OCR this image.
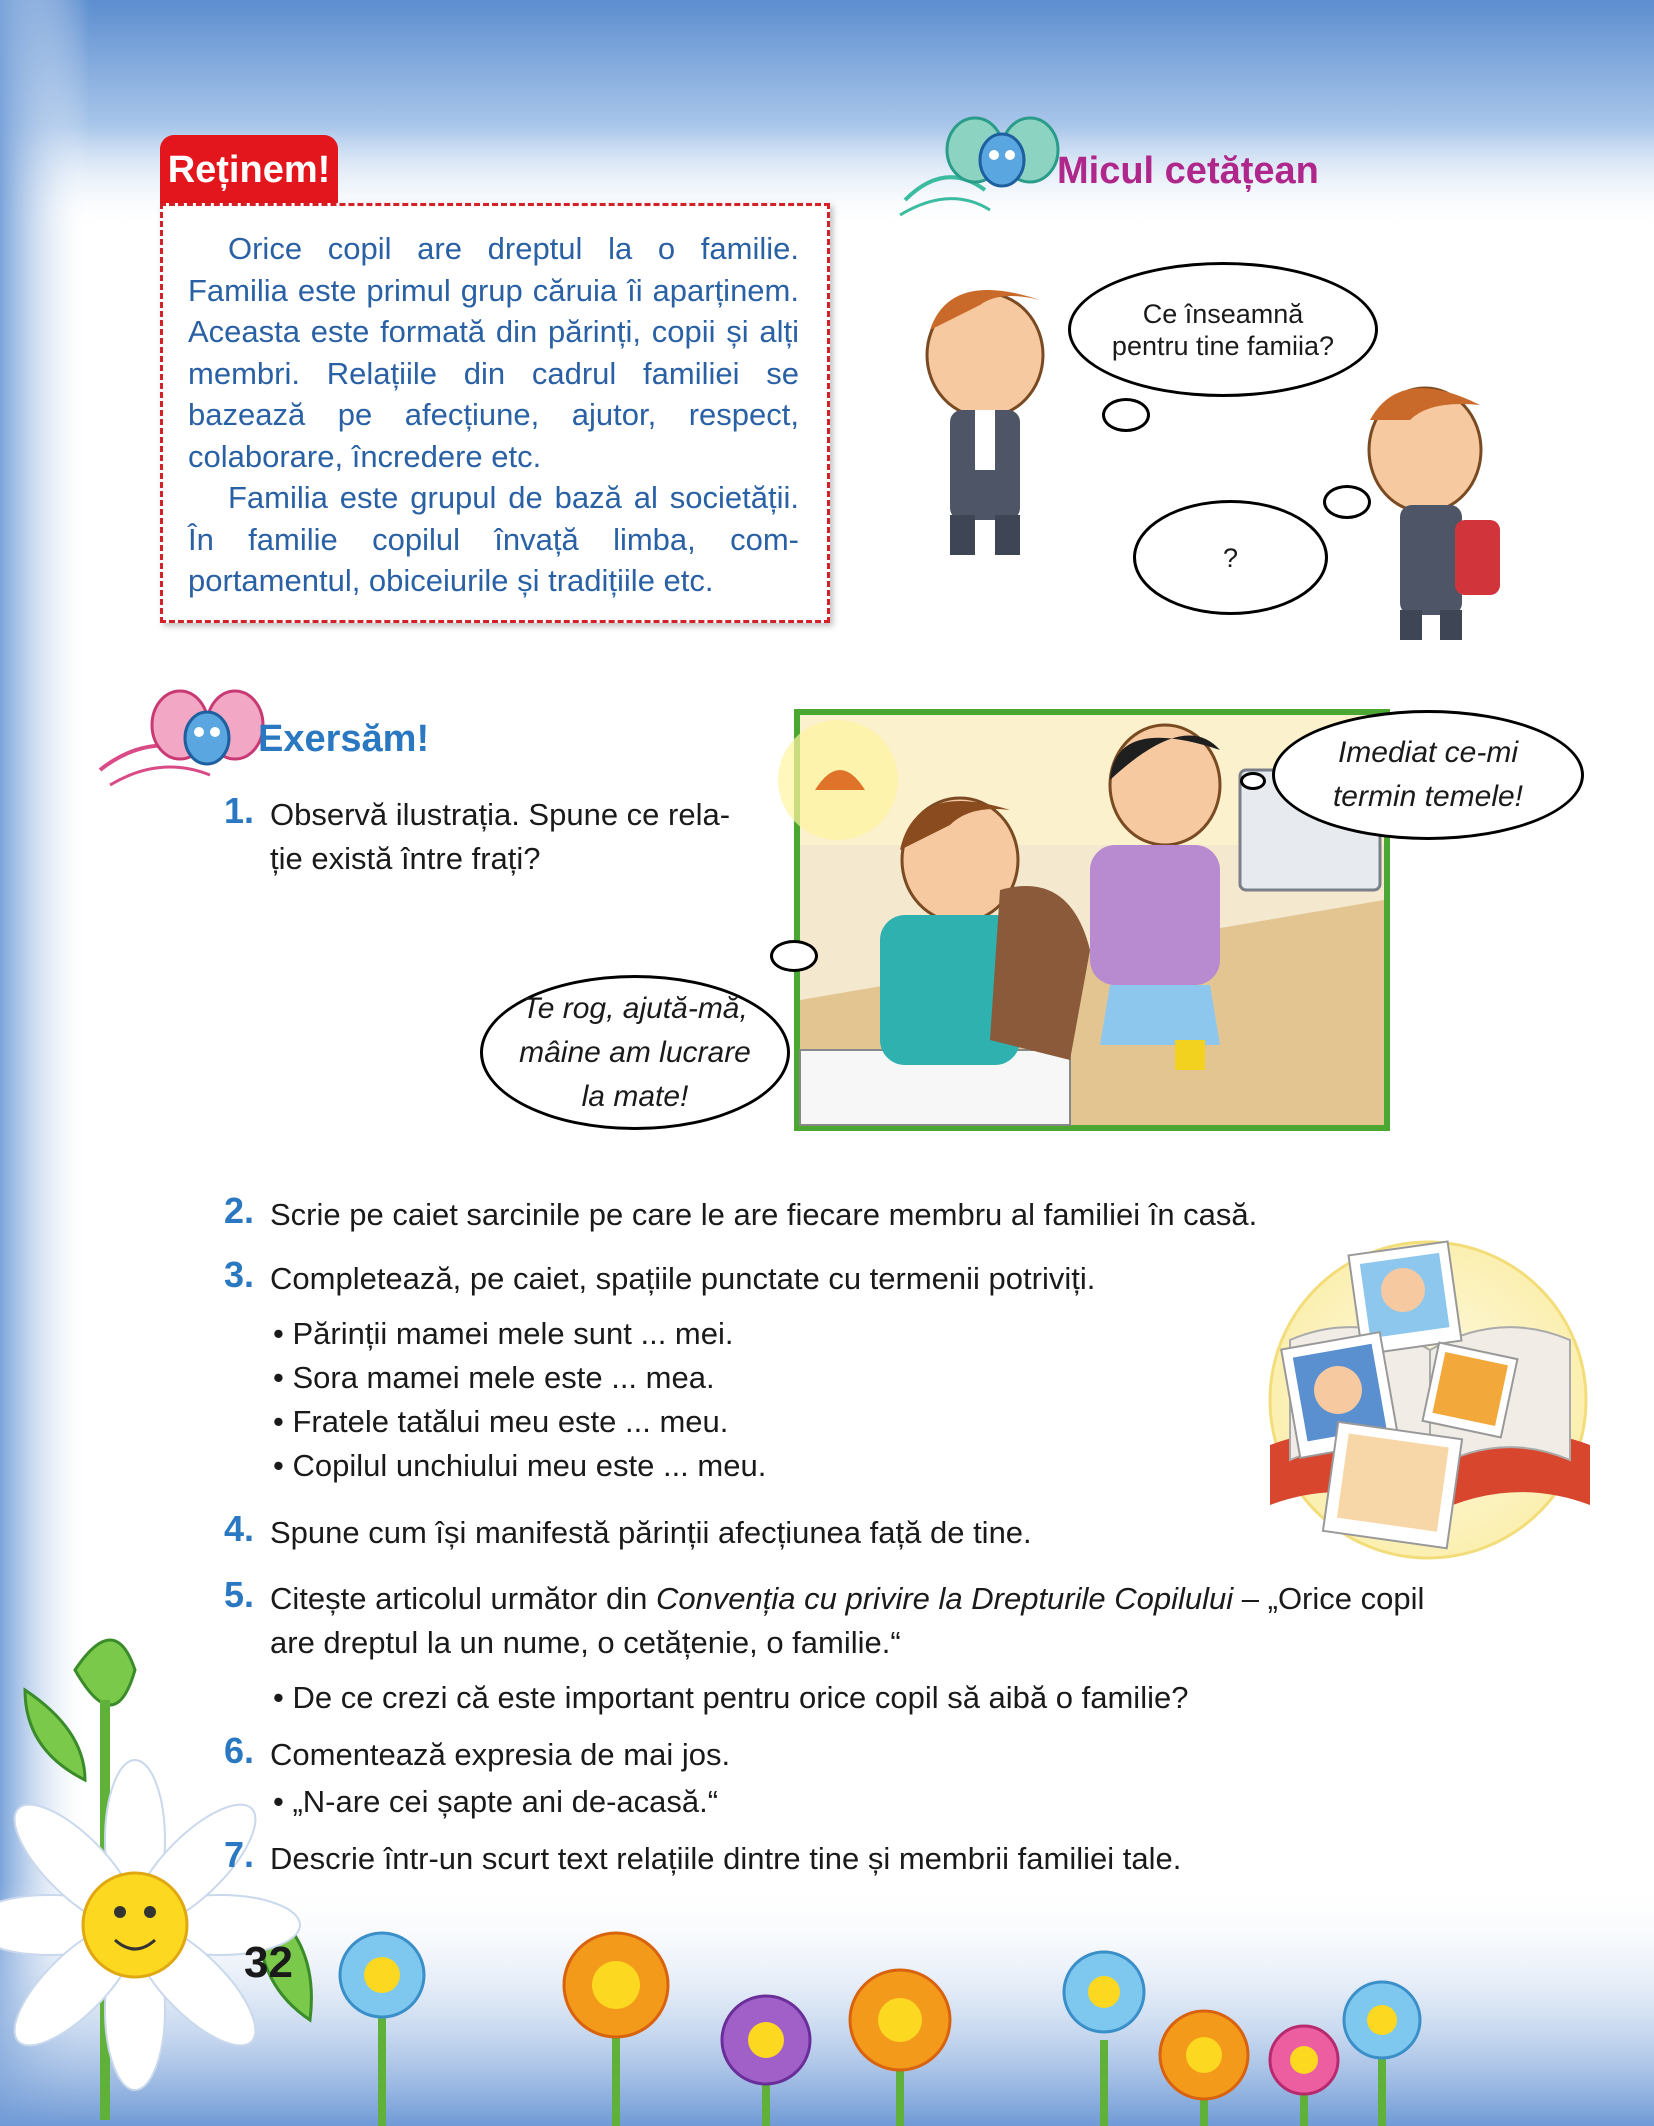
Reținem!

Orice copil are dreptul la o familie. Familia este primul grup căruia îi aparținem. Aceasta este formată din părinți, copii și alți membri. Relațiile din cadrul familiei se bazează pe afecțiune, ajutor, respect, colaborare, încredere etc.

Familia este grupul de bază al societății. În familie copilul învață limba, comportamentul, obiceiurile și tradițiile etc.

Micul cetățean
Ce înseamnă pentru tine famiia?
?
Exersăm!
1. Observă ilustrația. Spune ce rela-
ție există între frați?
Te rog, ajută-mă, mâine am lucrare la mate!
Imediat ce-mi termin temele!
2. Scrie pe caiet sarcinile pe care le are fiecare membru al familiei în casă.
3. Completează, pe caiet, spațiile punctate cu termenii potriviți.
• Părinții mamei mele sunt ... mei.
• Sora mamei mele este ... mea.
• Fratele tatălui meu este ... meu.
• Copilul unchiului meu este ... meu.
4. Spune cum își manifestă părinții afecțiunea față de tine.
5. Citește articolul următor din Convenția cu privire la Drepturile Copilului – „Orice copil
are dreptul la un nume, o cetățenie, o familie.“
• De ce crezi că este important pentru orice copil să aibă o familie?
6. Comentează expresia de mai jos.
• „N-are cei șapte ani de-acasă.“
7. Descrie într-un scurt text relațiile dintre tine și membrii familiei tale.
32
